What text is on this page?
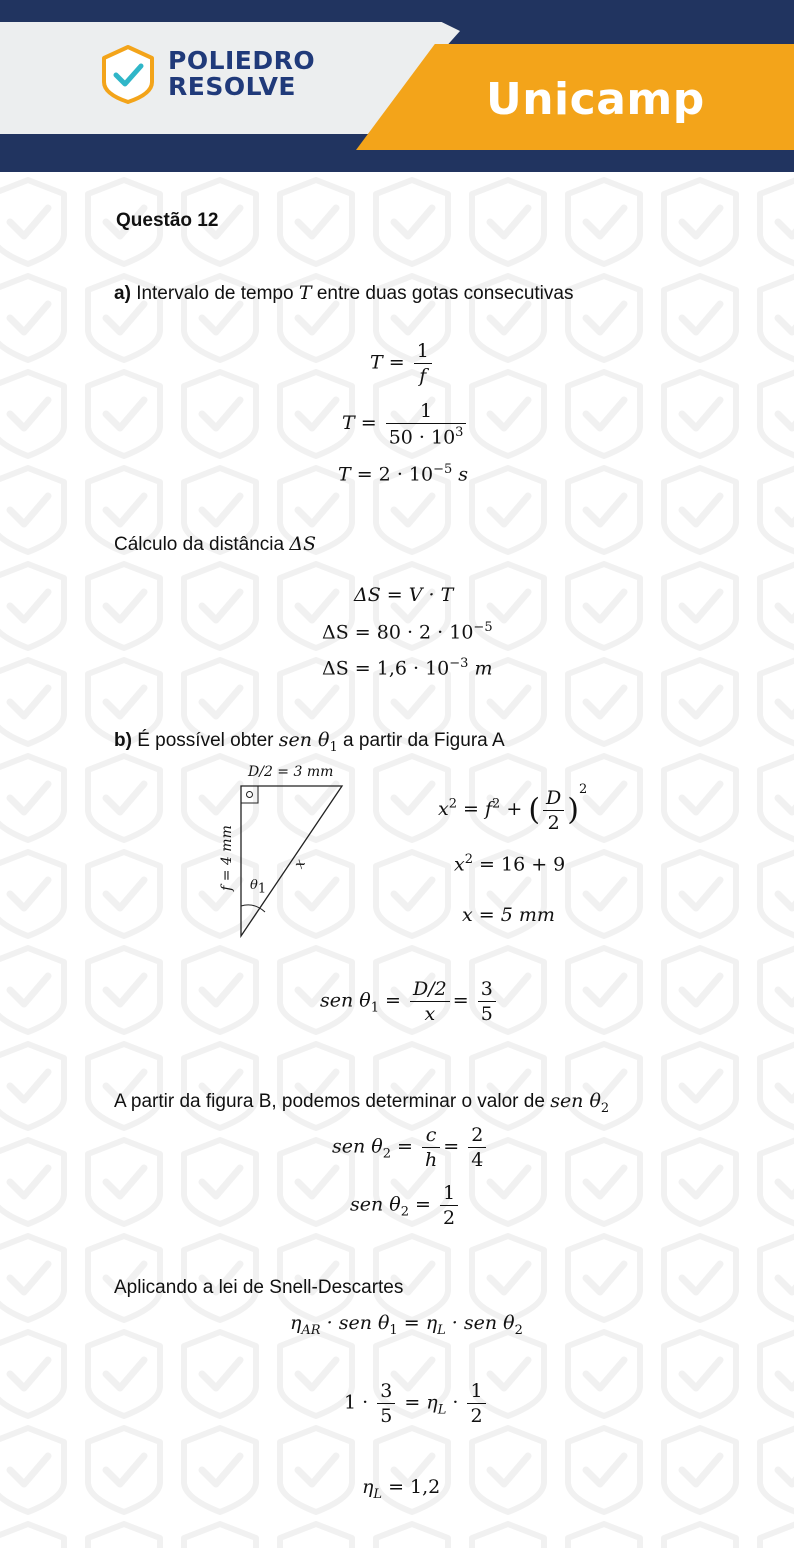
POLIEDRO
RESOLVE	Unicamp
Questão 12
a) Intervalo de tempo T entre duas gotas consecutivas
$T = \frac{1}{f}$
$T = \frac{1}{50 \cdot 10^3}$
$T = 2 \cdot 10^{-5}$ s
Cálculo da distância ΔS
ΔS = V · T
$\Delta S = 80 \cdot 2 \cdot 10^{-5}$
$\Delta S = 1,6 \cdot 10^{-3}$ m
b) É possível obter sen $\theta_1$ a partir da Figura A
D/2 = 3 mm
f = 4 mm	x
$\theta_1$
$x^2 = f^2$ + ( $\frac{D}{2} )^2$
$x^2 = 16 + 9$
x = 5 mm
sen $\theta_1 = \frac{D/2}{x} = \frac{3}{5}$
A partir da figura B, podemos determinar o valor de sen $\theta_2$
sen $\theta_2 = \frac{c}{h} = \frac{2}{4}$
sen $\theta_2 = \frac{1}{2}$
Aplicando a lei de Snell-Descartes
$\eta_{AR}$ · sen $\theta_1 = \eta_L$ · sen $\theta_2$
$1 \cdot \frac{3}{5} = \eta_L \cdot \frac{1}{2}$
$\eta_L = 1,2$
